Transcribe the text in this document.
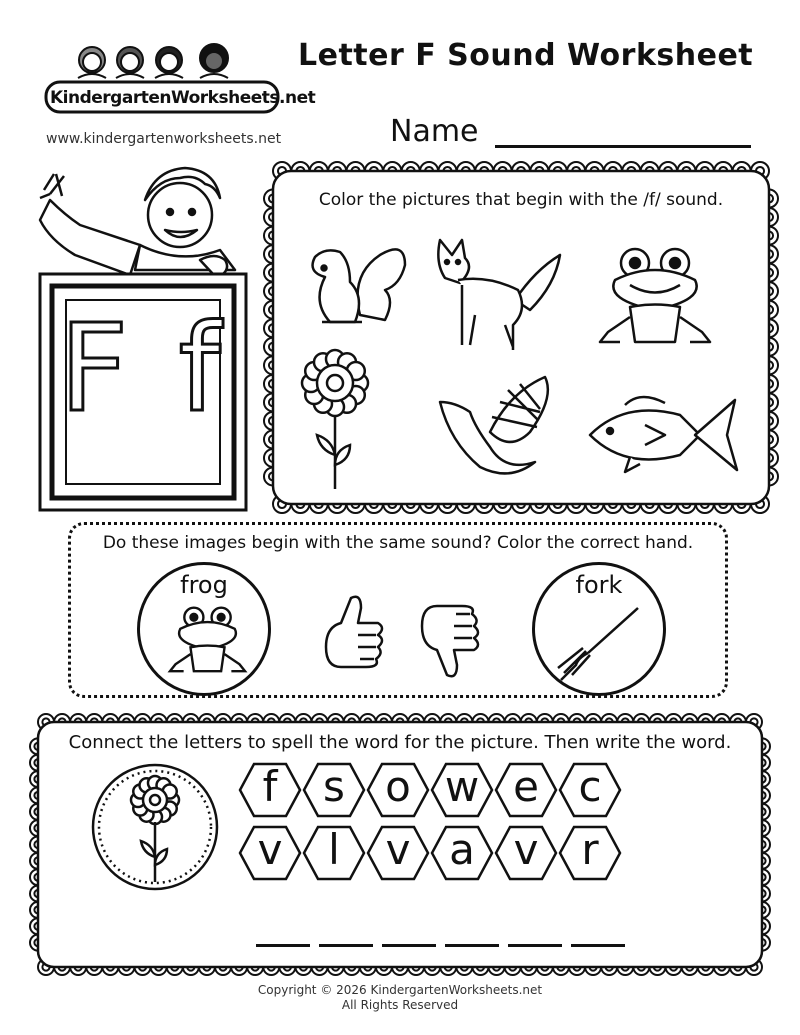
KindergartenWorksheets.net
www.kindergartenworksheets.net
Letter F Sound Worksheet
Name
F f
Color the pictures that begin with the /f/ sound.
Do these images begin with the same sound? Color the correct hand.
frog	fork
Connect the letters to spell the word for the picture. Then write the word.
Copyright © 2026 KindergartenWorksheets.net
All Rights Reserved
f	s o w e c
v	l	v a v	r
